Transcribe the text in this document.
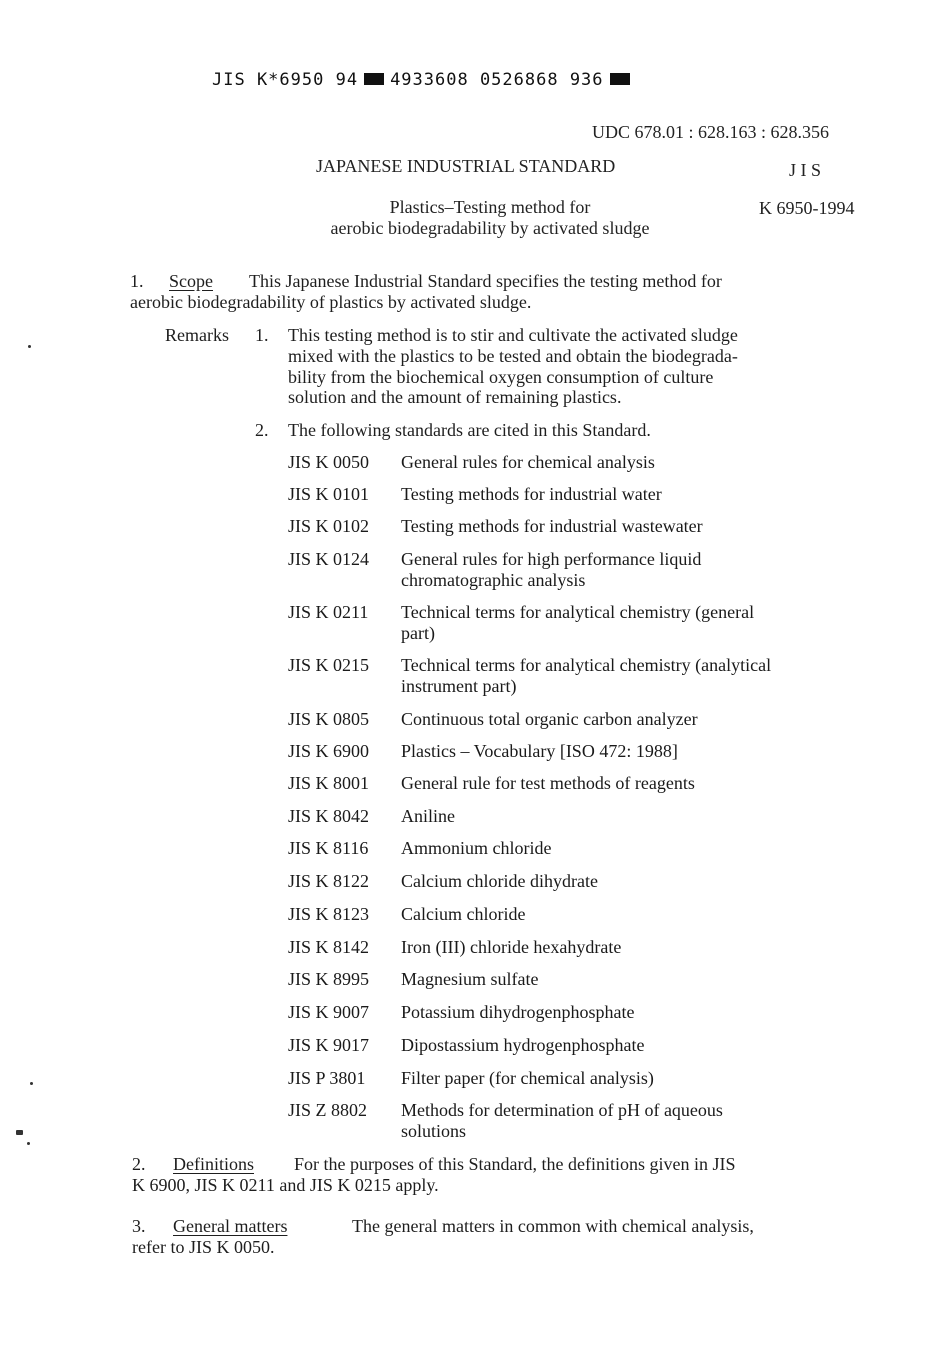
JIS K*6950 94 4933608 0526868 936
UDC 678.01 : 628.163 : 628.356
JAPANESE INDUSTRIAL STANDARD	J I S
K 6950-1994
Plastics–Testing method for
aerobic biodegradability by activated sludge
1. Scope This Japanese Industrial Standard specifies the testing method for
aerobic biodegradability of plastics by activated sludge.
Remarks 1. This testing method is to stir and cultivate the activated sludge
mixed with the plastics to be tested and obtain the biodegrada-
bility from the biochemical oxygen consumption of culture
solution and the amount of remaining plastics.
2. The following standards are cited in this Standard.
JIS K 0050	General rules for chemical analysis
JIS K 0101	Testing methods for industrial water
JIS K 0102	Testing methods for industrial wastewater
JIS K 0124	General rules for high performance liquid
chromatographic analysis
JIS K 0211	Technical terms for analytical chemistry (general
part)
JIS K 0215	Technical terms for analytical chemistry (analytical
instrument part)
JIS K 0805	Continuous total organic carbon analyzer
JIS K 6900	Plastics – Vocabulary [ISO 472: 1988]
JIS K 8001	General rule for test methods of reagents
JIS K 8042	Aniline
JIS K 8116	Ammonium chloride
JIS K 8122	Calcium chloride dihydrate
JIS K 8123	Calcium chloride
JIS K 8142	Iron (III) chloride hexahydrate
JIS K 8995	Magnesium sulfate
JIS K 9007	Potassium dihydrogenphosphate
JIS K 9017	Dipostassium hydrogenphosphate
JIS P 3801	Filter paper (for chemical analysis)
JIS Z 8802	Methods for determination of pH of aqueous
solutions
2. Definitions For the purposes of this Standard, the definitions given in JIS
K 6900, JIS K 0211 and JIS K 0215 apply.
3. General matters	The general matters in common with chemical analysis,
refer to JIS K 0050.
